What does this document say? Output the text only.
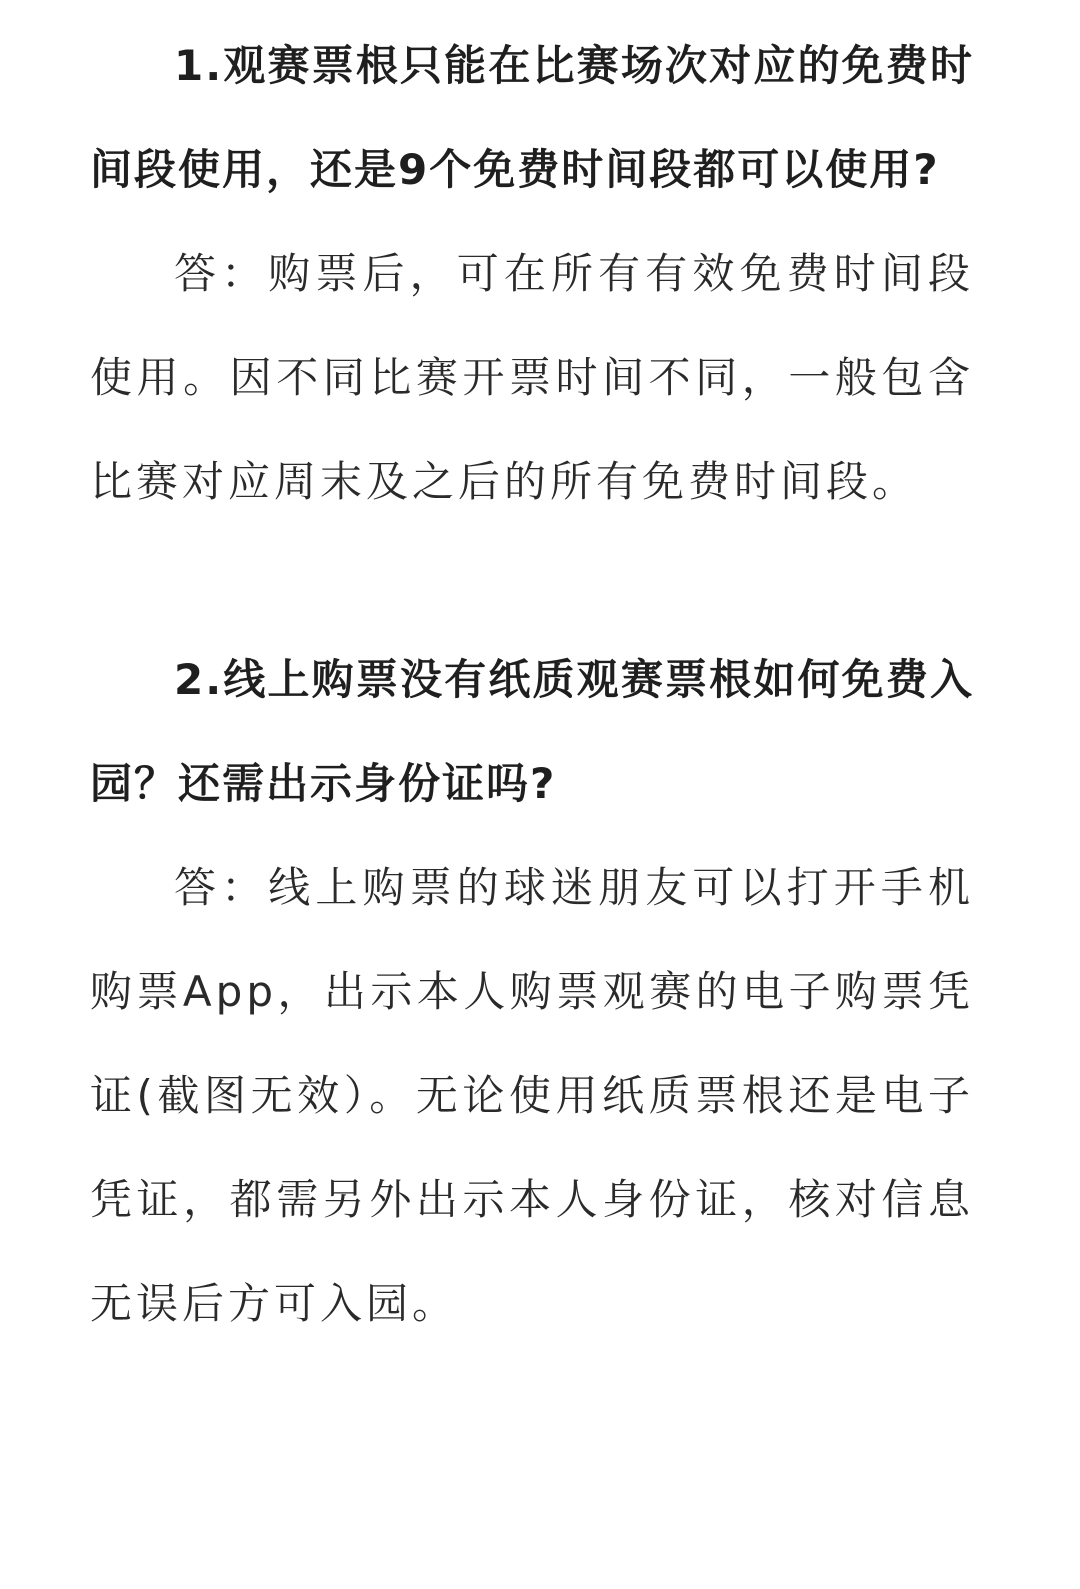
1.观赛票根只能在比赛场次对应的免费时间段使用，还是9个免费时间段都可以使用?

答：购票后，可在所有有效免费时间段使用。因不同比赛开票时间不同，一般包含比赛对应周末及之后的所有免费时间段。

2.线上购票没有纸质观赛票根如何免费入园？还需出示身份证吗?

答：线上购票的球迷朋友可以打开手机购票App，出示本人购票观赛的电子购票凭证(截图无效）。无论使用纸质票根还是电子凭证，都需另外出示本人身份证，核对信息无误后方可入园。
